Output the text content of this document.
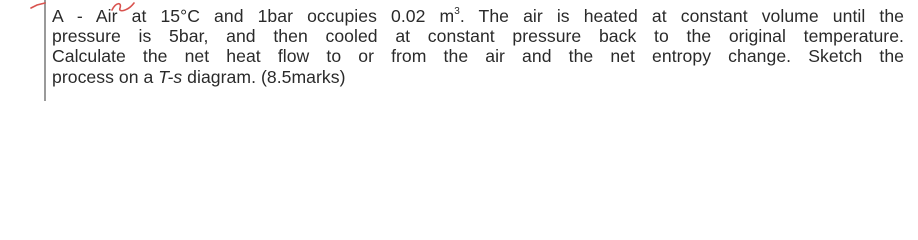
A - Air at 15°C and 1bar occupies 0.02 $m^3$. The air is heated at constant volume until the
pressure is 5bar, and then cooled at constant pressure back to the original temperature.
Calculate the net heat flow to or from the air and the net entropy change. Sketch the
process on a T-s diagram. (8.5marks)
